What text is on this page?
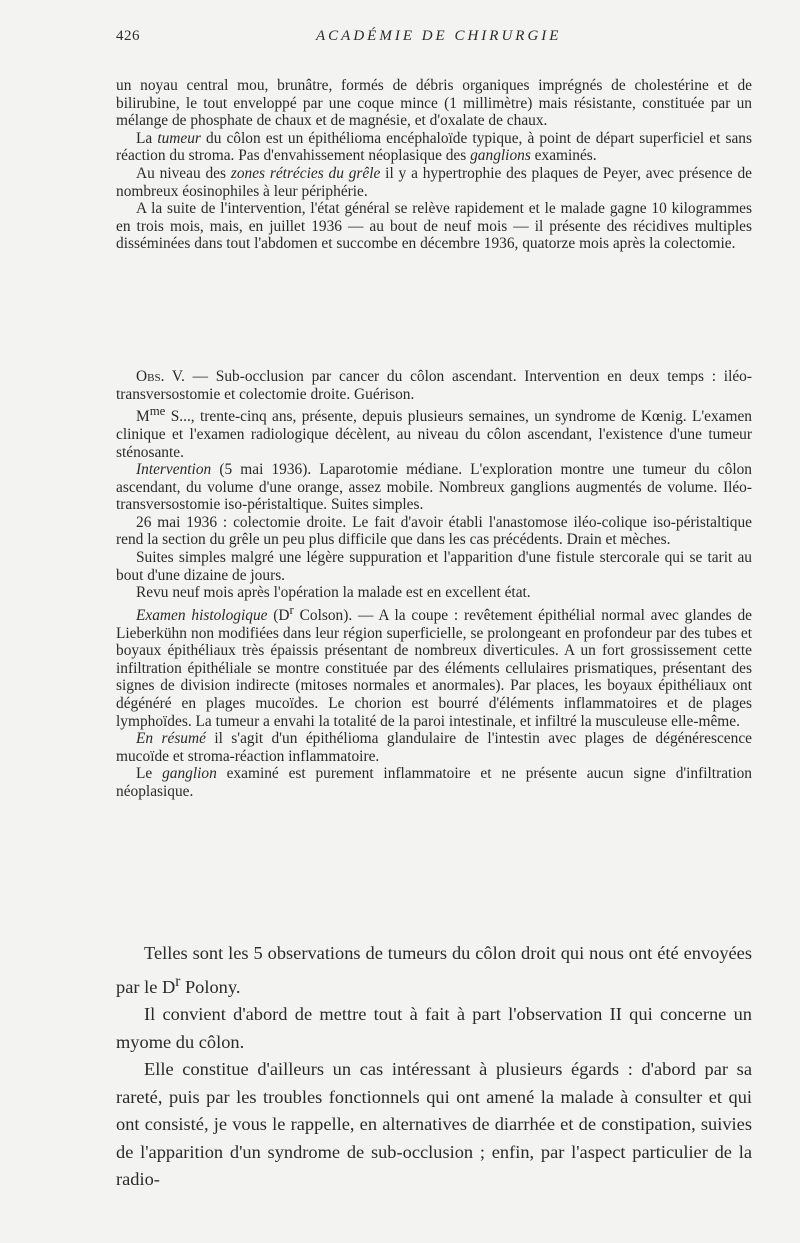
426	ACADÉMIE DE CHIRURGIE

un noyau central mou, brunâtre, formés de débris organiques imprégnés de cholestérine et de bilirubine, le tout enveloppé par une coque mince (1 millimètre) mais résistante, constituée par un mélange de phosphate de chaux et de magnésie, et d'oxalate de chaux.

La tumeur du côlon est un épithélioma encéphaloïde typique, à point de départ superficiel et sans réaction du stroma. Pas d'envahissement néoplasique des ganglions examinés.

Au niveau des zones rétrécies du grêle il y a hypertrophie des plaques de Peyer, avec présence de nombreux éosinophiles à leur périphérie.

A la suite de l'intervention, l'état général se relève rapidement et le malade gagne 10 kilogrammes en trois mois, mais, en juillet 1936 — au bout de neuf mois — il présente des récidives multiples disséminées dans tout l'abdomen et succombe en décembre 1936, quatorze mois après la colectomie.

Obs. V. — Sub-occlusion par cancer du côlon ascendant. Intervention en deux temps : iléo-transversostomie et colectomie droite. Guérison.

$M^{me}$ S..., trente-cinq ans, présente, depuis plusieurs semaines, un syndrome de Kœnig. L'examen clinique et l'examen radiologique décèlent, au niveau du côlon ascendant, l'existence d'une tumeur sténosante.

Intervention (5 mai 1936). Laparotomie médiane. L'exploration montre une tumeur du côlon ascendant, du volume d'une orange, assez mobile. Nombreux ganglions augmentés de volume. Iléo-transversostomie iso-péristaltique. Suites simples.

26 mai 1936 : colectomie droite. Le fait d'avoir établi l'anastomose iléo-colique iso-péristaltique rend la section du grêle un peu plus difficile que dans les cas précédents. Drain et mèches.

Suites simples malgré une légère suppuration et l'apparition d'une fistule stercorale qui se tarit au bout d'une dizaine de jours.

Revu neuf mois après l'opération la malade est en excellent état.

Examen histologique ($D^r$ Colson). — A la coupe : revêtement épithélial normal avec glandes de Lieberkühn non modifiées dans leur région superficielle, se prolongeant en profondeur par des tubes et boyaux épithéliaux très épaissis présentant de nombreux diverticules. A un fort grossissement cette infiltration épithéliale se montre constituée par des éléments cellulaires prismatiques, présentant des signes de division indirecte (mitoses normales et anormales). Par places, les boyaux épithéliaux ont dégénéré en plages mucoïdes. Le chorion est bourré d'éléments inflammatoires et de plages lymphoïdes. La tumeur a envahi la totalité de la paroi intestinale, et infiltré la musculeuse elle-même.

En résumé il s'agit d'un épithélioma glandulaire de l'intestin avec plages de dégénérescence mucoïde et stroma-réaction inflammatoire.

Le ganglion examiné est purement inflammatoire et ne présente aucun signe d'infiltration néoplasique.

Telles sont les 5 observations de tumeurs du côlon droit qui nous ont été envoyées par le $D^r$ Polony.

Il convient d'abord de mettre tout à fait à part l'observation II qui concerne un myome du côlon.

Elle constitue d'ailleurs un cas intéressant à plusieurs égards : d'abord par sa rareté, puis par les troubles fonctionnels qui ont amené la malade à consulter et qui ont consisté, je vous le rappelle, en alternatives de diarrhée et de constipation, suivies de l'apparition d'un syndrome de sub-occlusion ; enfin, par l'aspect particulier de la radio-
